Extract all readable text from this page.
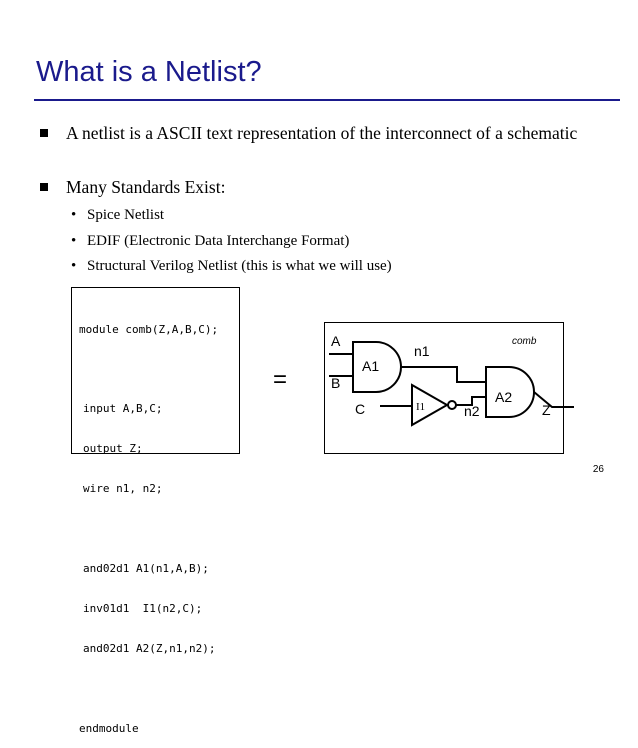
What is a Netlist?
A netlist is a ASCII text representation of the interconnect of a schematic
Many Standards Exist:
• Spice Netlist
• EDIF (Electronic Data Interchange Format)
• Structural Verilog Netlist (this is what we will use)

module comb(Z,A,B,C);

input A,B,C;

output Z;

wire n1, n2;

and02d1 A1(n1,A,B);

inv01d1  I1(n2,C);

and02d1 A2(Z,n1,n2);

endmodule

=
comb
A
B
A1
n1
C	I1	n2
A2
Z
26
